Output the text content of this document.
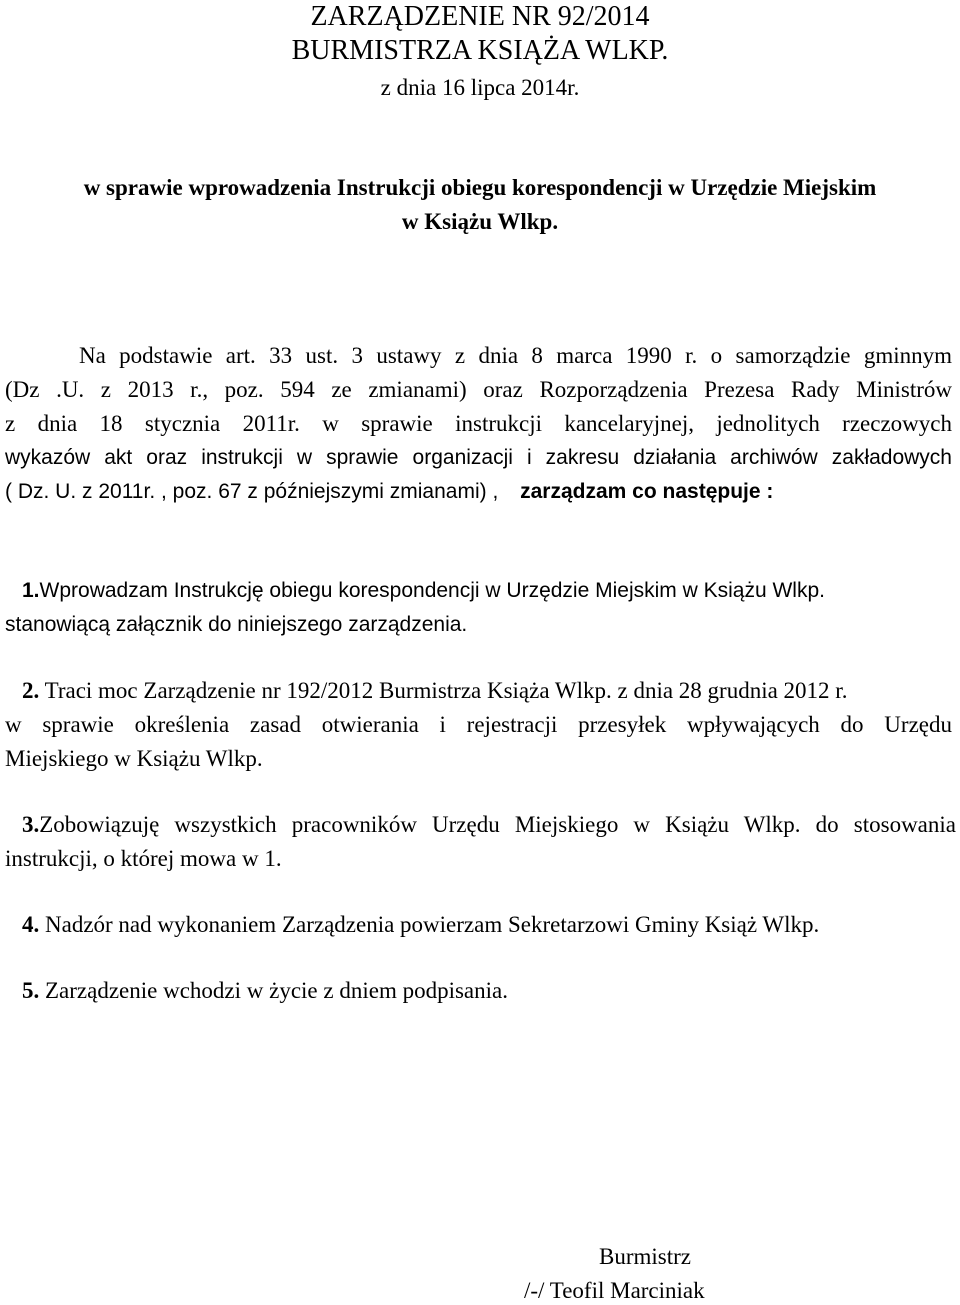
ZARZĄDZENIE NR 92/2014
BURMISTRZA KSIĄŻA WLKP.
z dnia 16 lipca 2014r.
w sprawie wprowadzenia Instrukcji obiegu korespondencji w Urzędzie Miejskim
w Książu Wlkp.
Na podstawie art. 33 ust. 3 ustawy z dnia 8 marca 1990 r. o samorządzie gminnym
(Dz .U. z 2013 r., poz. 594 ze zmianami) oraz Rozporządzenia Prezesa Rady Ministrów
z dnia 18 stycznia 2011r. w sprawie instrukcji kancelaryjnej, jednolitych rzeczowych
wykazów akt oraz instrukcji w sprawie organizacji i zakresu działania archiwów zakładowych
( Dz. U. z 2011r. , poz. 67 z późniejszymi zmianami) , zarządzam co następuje :
1.Wprowadzam Instrukcję obiegu korespondencji w Urzędzie Miejskim w Książu Wlkp.
stanowiącą załącznik do niniejszego zarządzenia.
2. Traci moc Zarządzenie nr 192/2012 Burmistrza Książa Wlkp. z dnia 28 grudnia 2012 r.
w sprawie określenia zasad otwierania i rejestracji przesyłek wpływających do Urzędu
Miejskiego w Książu Wlkp.
3.Zobowiązuję wszystkich pracowników Urzędu Miejskiego w Książu Wlkp. do stosowania
instrukcji, o której mowa w 1.
4. Nadzór nad wykonaniem Zarządzenia powierzam Sekretarzowi Gminy Książ Wlkp.
5. Zarządzenie wchodzi w życie z dniem podpisania.
Burmistrz
/-/ Teofil Marciniak
